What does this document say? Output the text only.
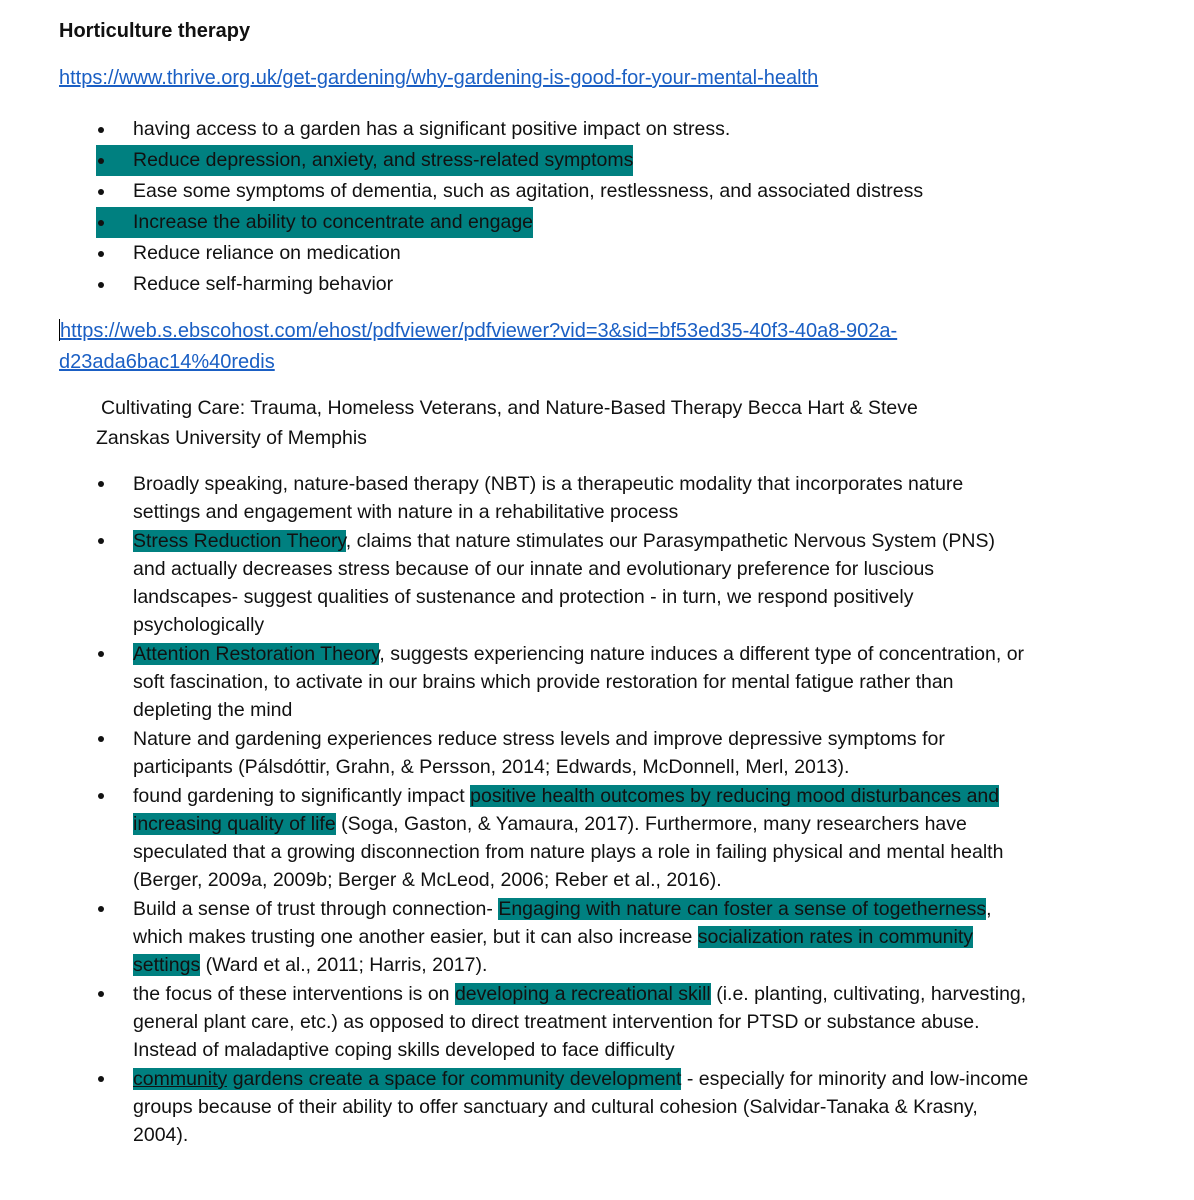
Horticulture therapy
https://www.thrive.org.uk/get-gardening/why-gardening-is-good-for-your-mental-health
having access to a garden has a significant positive impact on stress.
Reduce depression, anxiety, and stress-related symptoms
Ease some symptoms of dementia, such as agitation, restlessness, and associated distress
Increase the ability to concentrate and engage
Reduce reliance on medication
Reduce self-harming behavior
https://web.s.ebscohost.com/ehost/pdfviewer/pdfviewer?vid=3&sid=bf53ed35-40f3-40a8-902a-
d23ada6bac14%40redis

Cultivating Care: Trauma, Homeless Veterans, and Nature-Based Therapy Becca Hart & Steve Zanskas University of Memphis

Broadly speaking, nature-based therapy (NBT) is a therapeutic modality that incorporates nature settings and engagement with nature in a rehabilitative process
Stress Reduction Theory, claims that nature stimulates our Parasympathetic Nervous System (PNS) and actually decreases stress because of our innate and evolutionary preference for luscious landscapes- suggest qualities of sustenance and protection - in turn, we respond positively psychologically
Attention Restoration Theory, suggests experiencing nature induces a different type of concentration, or soft fascination, to activate in our brains which provide restoration for mental fatigue rather than depleting the mind
Nature and gardening experiences reduce stress levels and improve depressive symptoms for participants (Pálsdóttir, Grahn, & Persson, 2014; Edwards, McDonnell, Merl, 2013).
found gardening to significantly impact positive health outcomes by reducing mood disturbances and increasing quality of life (Soga, Gaston, & Yamaura, 2017). Furthermore, many researchers have speculated that a growing disconnection from nature plays a role in failing physical and mental health (Berger, 2009a, 2009b; Berger & McLeod, 2006; Reber et al., 2016).
Build a sense of trust through connection- Engaging with nature can foster a sense of togetherness, which makes trusting one another easier, but it can also increase socialization rates in community settings (Ward et al., 2011; Harris, 2017).
the focus of these interventions is on developing a recreational skill (i.e. planting, cultivating, harvesting, general plant care, etc.) as opposed to direct treatment intervention for PTSD or substance abuse. Instead of maladaptive coping skills developed to face difficulty
community gardens create a space for community development - especially for minority and low-income groups because of their ability to offer sanctuary and cultural cohesion (Salvidar-Tanaka & Krasny, 2004).
